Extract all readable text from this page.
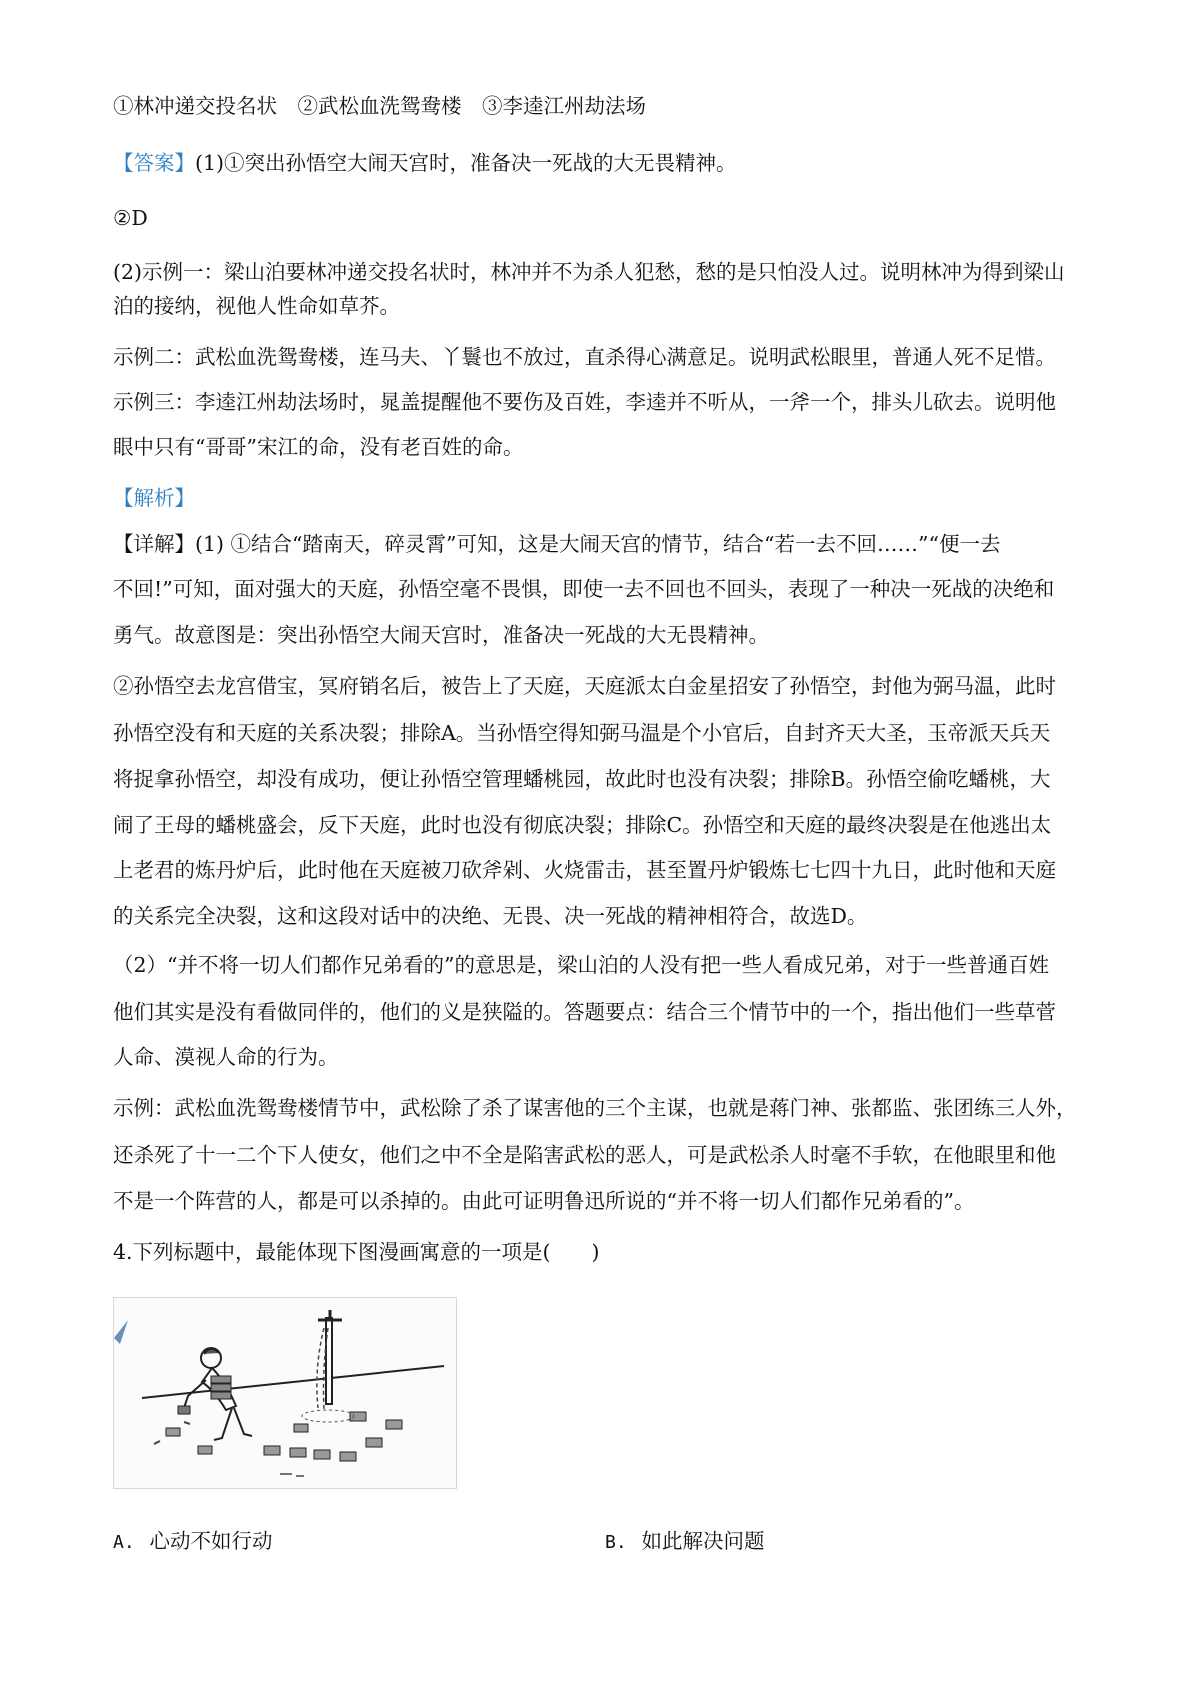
①林冲递交投名状　②武松血洗鸳鸯楼　③李逵江州劫法场
【答案】(1)①突出孙悟空大闹天宫时，准备决一死战的大无畏精神。
②D
(2)示例一：梁山泊要林冲递交投名状时，林冲并不为杀人犯愁，愁的是只怕没人过。说明林冲为得到梁山
泊的接纳，视他人性命如草芥。
示例二：武松血洗鸳鸯楼，连马夫、丫鬟也不放过，直杀得心满意足。说明武松眼里，普通人死不足惜。
示例三：李逵江州劫法场时，晁盖提醒他不要伤及百姓，李逵并不听从，一斧一个，排头儿砍去。说明他
眼中只有“哥哥”宋江的命，没有老百姓的命。
【解析】
【详解】(1) ①结合“踏南天，碎灵霄”可知，这是大闹天宫的情节，结合“若一去不回……”“便一去
不回!”可知，面对强大的天庭，孙悟空毫不畏惧，即使一去不回也不回头，表现了一种决一死战的决绝和
勇气。故意图是：突出孙悟空大闹天宫时，准备决一死战的大无畏精神。
②孙悟空去龙宫借宝，冥府销名后，被告上了天庭，天庭派太白金星招安了孙悟空，封他为弼马温，此时
孙悟空没有和天庭的关系决裂；排除A。当孙悟空得知弼马温是个小官后，自封齐天大圣，玉帝派天兵天
将捉拿孙悟空，却没有成功，便让孙悟空管理蟠桃园，故此时也没有决裂；排除B。孙悟空偷吃蟠桃，大
闹了王母的蟠桃盛会，反下天庭，此时也没有彻底决裂；排除C。孙悟空和天庭的最终决裂是在他逃出太
上老君的炼丹炉后，此时他在天庭被刀砍斧剁、火烧雷击，甚至置丹炉锻炼七七四十九日，此时他和天庭
的关系完全决裂，这和这段对话中的决绝、无畏、决一死战的精神相符合，故选D。
（2）“并不将一切人们都作兄弟看的”的意思是，梁山泊的人没有把一些人看成兄弟，对于一些普通百姓
他们其实是没有看做同伴的，他们的义是狭隘的。答题要点：结合三个情节中的一个，指出他们一些草菅
人命、漠视人命的行为。
示例：武松血洗鸳鸯楼情节中，武松除了杀了谋害他的三个主谋，也就是蒋门神、张都监、张团练三人外，
还杀死了十一二个下人使女，他们之中不全是陷害武松的恶人，可是武松杀人时毫不手软，在他眼里和他
不是一个阵营的人，都是可以杀掉的。由此可证明鲁迅所说的“并不将一切人们都作兄弟看的”。
4.下列标题中，最能体现下图漫画寓意的一项是(　　)
A. 心动不如行动	B. 如此解决问题
